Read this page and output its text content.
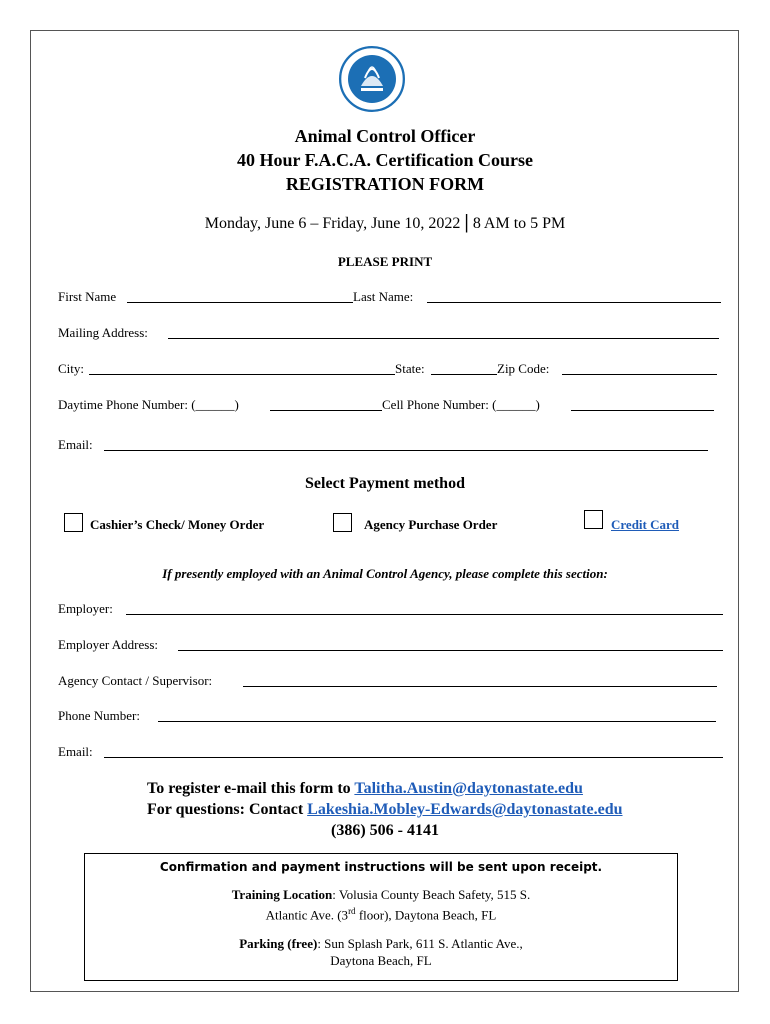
Animal Control Officer
40 Hour F.A.C.A. Certification Course
REGISTRATION FORM
Monday, June 6 – Friday, June 10, 2022 | 8 AM to 5 PM
PLEASE PRINT
First Name	Last Name:
Mailing Address:
City:	State:	Zip Code:
Daytime Phone Number: (______)	Cell Phone Number: (______)
Email:
Select Payment method
Cashier’s Check/ Money Order	Agency Purchase Order	Credit Card
If presently employed with an Animal Control Agency, please complete this section:
Employer:
Employer Address:
Agency Contact / Supervisor:
Phone Number:
Email:
To register e-mail this form to Talitha.Austin@daytonastate.edu
For questions: Contact Lakeshia.Mobley-Edwards@daytonastate.edu
(386) 506 - 4141
Confirmation and payment instructions will be sent upon receipt.

Training Location: Volusia County Beach Safety, 515 S.

Atlantic Ave. (3rd floor), Daytona Beach, FL

Parking (free): Sun Splash Park, 611 S. Atlantic Ave.,

Daytona Beach, FL
